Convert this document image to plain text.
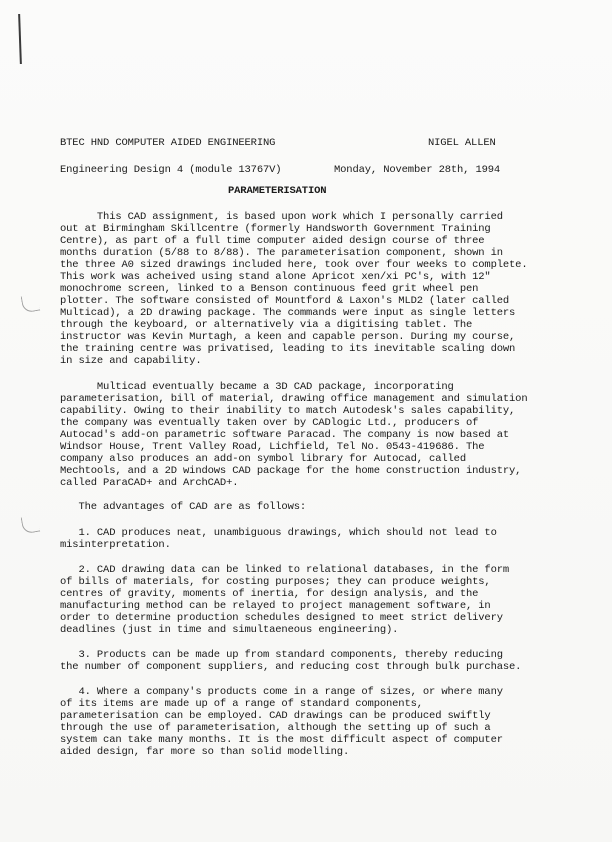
BTEC HND COMPUTER AIDED ENGINEERING	NIGEL ALLEN
Engineering Design 4 (module 13767V)	Monday, November 28th, 1994
PARAMETERISATION
This CAD assignment, is based upon work which I personally carried
out at Birmingham Skillcentre (formerly Handsworth Government Training
Centre), as part of a full time computer aided design course of three
months duration (5/88 to 8/88). The parameterisation component, shown in
the three A0 sized drawings included here, took over four weeks to complete.
This work was acheived using stand alone Apricot xen/xi PC's, with 12"
monochrome screen, linked to a Benson continuous feed grit wheel pen
plotter. The software consisted of Mountford & Laxon's MLD2 (later called
Multicad), a 2D drawing package. The commands were input as single letters
through the keyboard, or alternatively via a digitising tablet. The
instructor was Kevin Murtagh, a keen and capable person. During my course,
the training centre was privatised, leading to its inevitable scaling down
in size and capability.
Multicad eventually became a 3D CAD package, incorporating
parameterisation, bill of material, drawing office management and simulation
capability. Owing to their inability to match Autodesk's sales capability,
the company was eventually taken over by CADlogic Ltd., producers of
Autocad's add-on parametric software Paracad. The company is now based at
Windsor House, Trent Valley Road, Lichfield, Tel No. 0543-419686. The
company also produces an add-on symbol library for Autocad, called
Mechtools, and a 2D windows CAD package for the home construction industry,
called ParaCAD+ and ArchCAD+.
The advantages of CAD are as follows:
1. CAD produces neat, unambiguous drawings, which should not lead to
misinterpretation.
2. CAD drawing data can be linked to relational databases, in the form
of bills of materials, for costing purposes; they can produce weights,
centres of gravity, moments of inertia, for design analysis, and the
manufacturing method can be relayed to project management software, in
order to determine production schedules designed to meet strict delivery
deadlines (just in time and simultaeneous engineering).
3. Products can be made up from standard components, thereby reducing
the number of component suppliers, and reducing cost through bulk purchase.
4. Where a company's products come in a range of sizes, or where many
of its items are made up of a range of standard components,
parameterisation can be employed. CAD drawings can be produced swiftly
through the use of parameterisation, although the setting up of such a
system can take many months. It is the most difficult aspect of computer
aided design, far more so than solid modelling.
